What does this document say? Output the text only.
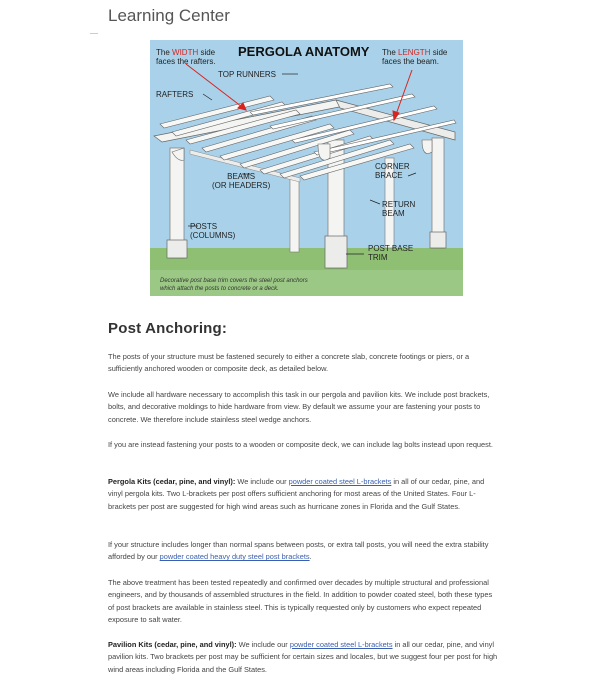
Learning Center
The WIDTH side
faces the rafters.
PERGOLA ANATOMY The LENGTH side
faces the beam.
TOP RUNNERS
RAFTERS
BEAMS
(OR HEADERS)
CORNER
BRACE
RETURN
BEAM
POSTS
(COLUMNS)
POST BASE
TRIM
Decorative post base trim covers the steel post anchors
which attach the posts to concrete or a deck.
Post Anchoring:

The posts of your structure must be fastened securely to either a concrete slab, concrete footings or piers, or a sufficiently anchored wooden or composite deck, as detailed below.

We include all hardware necessary to accomplish this task in our pergola and pavilion kits. We include post brackets, bolts, and decorative moldings to hide hardware from view. By default we assume your are fastening your posts to concrete. We therefore include stainless steel wedge anchors.

If you are instead fastening your posts to a wooden or composite deck, we can include lag bolts instead upon request.

Pergola Kits (cedar, pine, and vinyl): We include our powder coated steel L-brackets in all of our cedar, pine, and vinyl pergola kits. Two L-brackets per post offers sufficient anchoring for most areas of the United States. Four L-brackets per post are suggested for high wind areas such as hurricane zones in Florida and the Gulf States.

If your structure includes longer than normal spans between posts, or extra tall posts, you will need the extra stability afforded by our powder coated heavy duty steel post brackets.

The above treatment has been tested repeatedly and confirmed over decades by multiple structural and professional engineers, and by thousands of assembled structures in the field. In addition to powder coated steel, both these types of post brackets are available in stainless steel. This is typically requested only by customers who expect repeated exposure to salt water.

Pavilion Kits (cedar, pine, and vinyl): We include our powder coated steel L-brackets in all our cedar, pine, and vinyl pavilion kits. Two brackets per post may be sufficient for certain sizes and locales, but we suggest four per post for high wind areas including Florida and the Gulf States.
